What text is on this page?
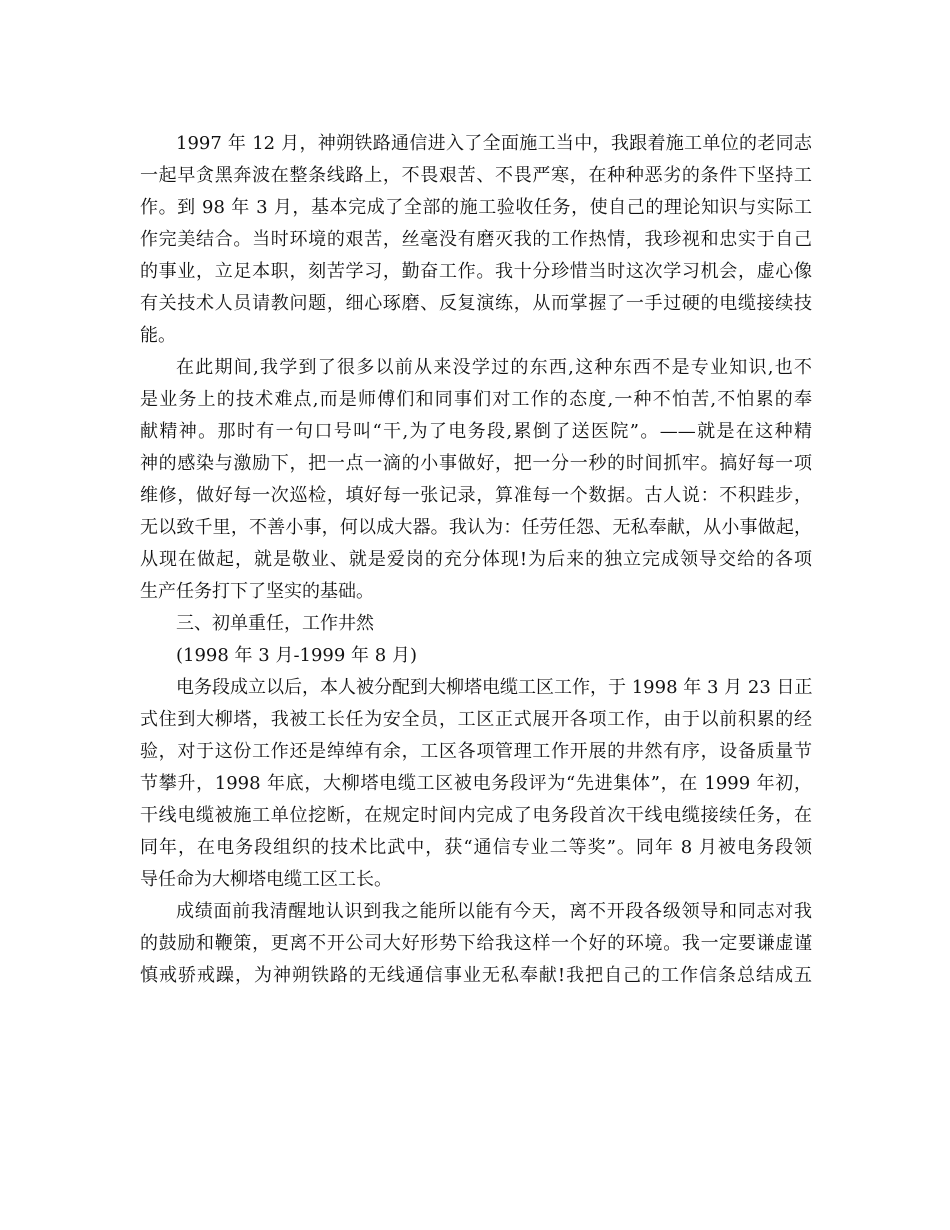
1997 年 12 月，神朔铁路通信进入了全面施工当中，我跟着施工单位的老同志
一起早贪黑奔波在整条线路上，不畏艰苦、不畏严寒，在种种恶劣的条件下坚持工
作。到 98 年 3 月，基本完成了全部的施工验收任务，使自己的理论知识与实际工
作完美结合。当时环境的艰苦，丝毫没有磨灭我的工作热情，我珍视和忠实于自己
的事业，立足本职，刻苦学习，勤奋工作。我十分珍惜当时这次学习机会，虚心像
有关技术人员请教问题，细心琢磨、反复演练，从而掌握了一手过硬的电缆接续技
能。
在此期间,我学到了很多以前从来没学过的东西,这种东西不是专业知识,也不
是业务上的技术难点,而是师傅们和同事们对工作的态度,一种不怕苦,不怕累的奉
献精神。那时有一句口号叫“干,为了电务段,累倒了送医院”。——就是在这种精
神的感染与激励下，把一点一滴的小事做好，把一分一秒的时间抓牢。搞好每一项
维修，做好每一次巡检，填好每一张记录，算准每一个数据。古人说：不积跬步，
无以致千里，不善小事，何以成大器。我认为：任劳任怨、无私奉献，从小事做起，
从现在做起，就是敬业、就是爱岗的充分体现!为后来的独立完成领导交给的各项
生产任务打下了坚实的基础。
三、初单重任，工作井然
(1998 年 3 月-1999 年 8 月)
电务段成立以后，本人被分配到大柳塔电缆工区工作，于 1998 年 3 月 23 日正
式住到大柳塔，我被工长任为安全员，工区正式展开各项工作，由于以前积累的经
验，对于这份工作还是绰绰有余，工区各项管理工作开展的井然有序，设备质量节
节攀升，1998 年底，大柳塔电缆工区被电务段评为“先进集体”，在 1999 年初，
干线电缆被施工单位挖断，在规定时间内完成了电务段首次干线电缆接续任务，在
同年，在电务段组织的技术比武中，获“通信专业二等奖”。同年 8 月被电务段领
导任命为大柳塔电缆工区工长。
成绩面前我清醒地认识到我之能所以能有今天，离不开段各级领导和同志对我
的鼓励和鞭策，更离不开公司大好形势下给我这样一个好的环境。我一定要谦虚谨
慎戒骄戒躁，为神朔铁路的无线通信事业无私奉献!我把自己的工作信条总结成五
